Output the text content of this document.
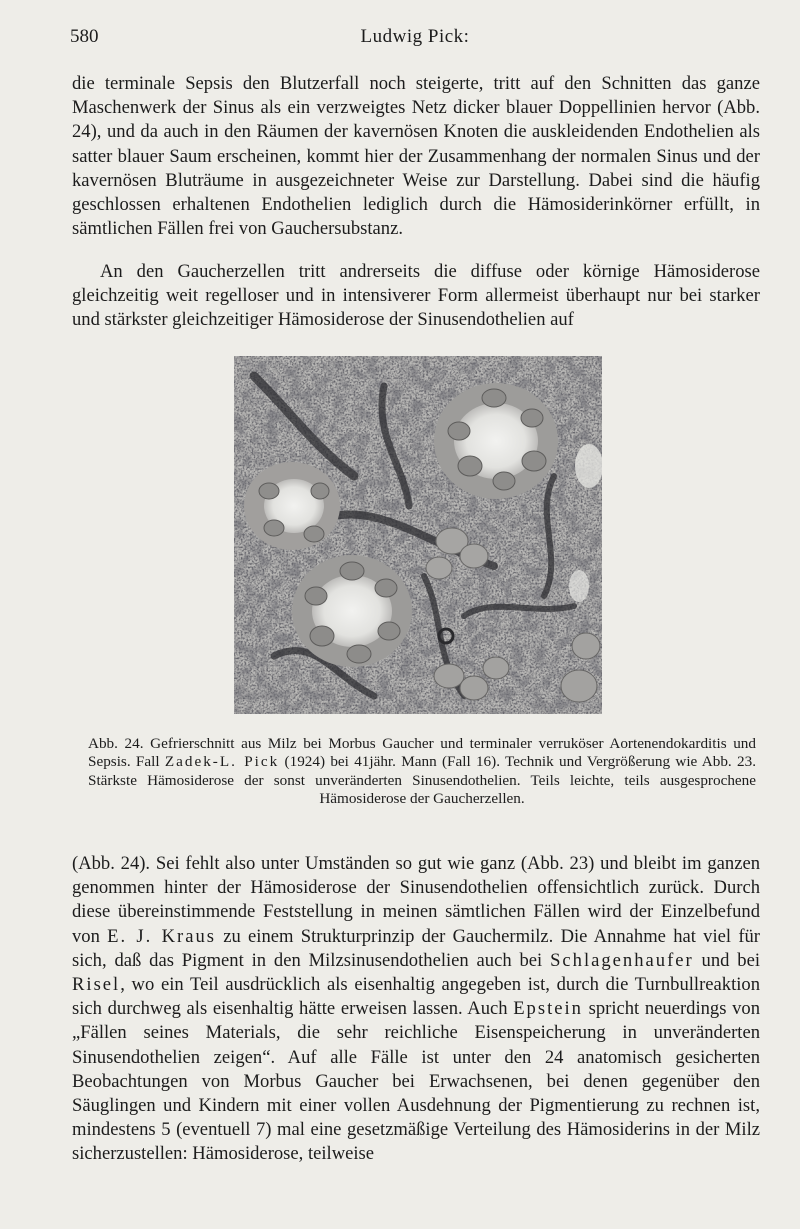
580	Ludwig Pick:

die terminale Sepsis den Blutzerfall noch steigerte, tritt auf den Schnitten das ganze Maschenwerk der Sinus als ein verzweigtes Netz dicker blauer Doppellinien hervor (Abb. 24), und da auch in den Räumen der kavernösen Knoten die auskleidenden Endothelien als satter blauer Saum erscheinen, kommt hier der Zusammenhang der normalen Sinus und der kavernösen Bluträume in ausgezeichneter Weise zur Darstellung. Dabei sind die häufig geschlossen erhaltenen Endothelien lediglich durch die Hämosiderinkörner erfüllt, in sämtlichen Fällen frei von Gauchersubstanz.

An den Gaucherzellen tritt andrerseits die diffuse oder körnige Hämosiderose gleichzeitig weit regelloser und in intensiverer Form allermeist überhaupt nur bei starker und stärkster gleichzeitiger Hämosiderose der Sinusendothelien auf

Abb. 24. Gefrierschnitt aus Milz bei Morbus Gaucher und terminaler verruköser Aortenendokarditis und Sepsis. Fall Zadek-L. Pick (1924) bei 41jähr. Mann (Fall 16). Technik und Vergrößerung wie Abb. 23. Stärkste Hämosiderose der sonst unveränderten Sinusendothelien. Teils leichte, teils ausgesprochene Hämosiderose der Gaucherzellen.

(Abb. 24). Sei fehlt also unter Umständen so gut wie ganz (Abb. 23) und bleibt im ganzen genommen hinter der Hämosiderose der Sinusendothelien offensichtlich zurück. Durch diese übereinstimmende Feststellung in meinen sämtlichen Fällen wird der Einzelbefund von E. J. Kraus zu einem Strukturprinzip der Gauchermilz. Die Annahme hat viel für sich, daß das Pigment in den Milzsinusendothelien auch bei Schlagenhaufer und bei Risel, wo ein Teil ausdrücklich als eisenhaltig angegeben ist, durch die Turnbullreaktion sich durchweg als eisenhaltig hätte erweisen lassen. Auch Epstein spricht neuerdings von „Fällen seines Materials, die sehr reichliche Eisenspeicherung in unveränderten Sinusendothelien zeigen“. Auf alle Fälle ist unter den 24 anatomisch gesicherten Beobachtungen von Morbus Gaucher bei Erwachsenen, bei denen gegenüber den Säuglingen und Kindern mit einer vollen Ausdehnung der Pigmentierung zu rechnen ist, mindestens 5 (eventuell 7) mal eine gesetzmäßige Verteilung des Hämosiderins in der Milz sicherzustellen: Hämosiderose, teilweise
